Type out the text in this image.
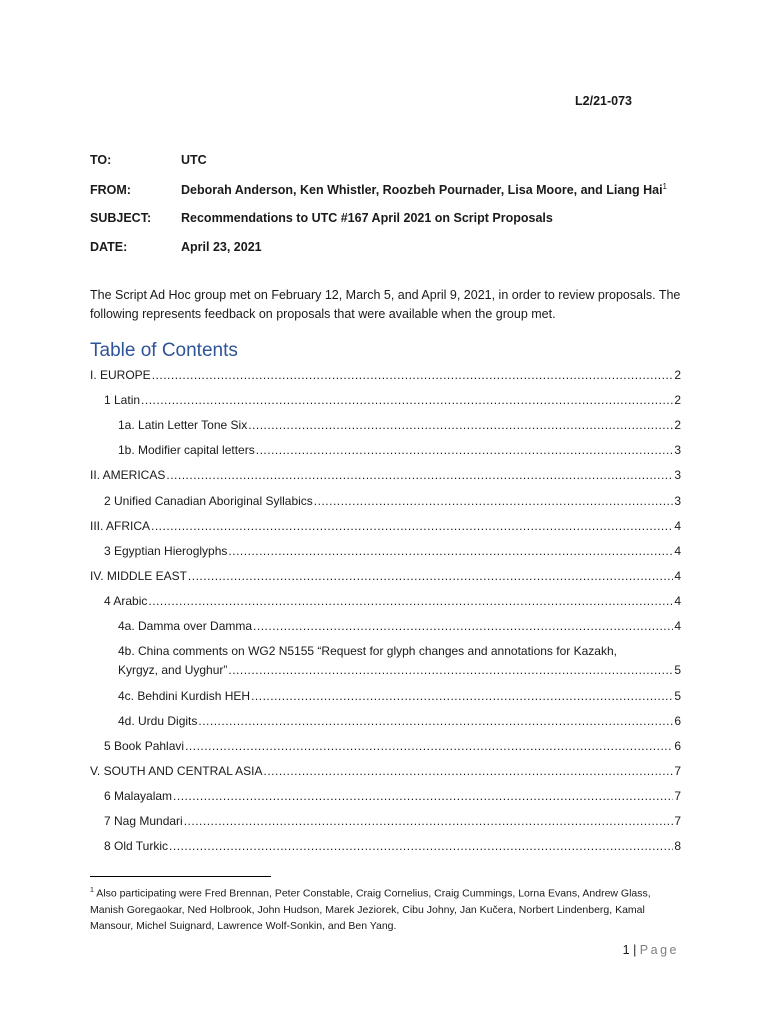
L2/21-073
TO:	UTC
FROM:	Deborah Anderson, Ken Whistler, Roozbeh Pournader, Lisa Moore, and Liang Hai$^1$
SUBJECT: Recommendations to UTC #167 April 2021 on Script Proposals
DATE:	April 23, 2021
The Script Ad Hoc group met on February 12, March 5, and April 9, 2021, in order to review proposals. The following represents feedback on proposals that were available when the group met.
Table of Contents
I. EUROPE .....	2
1 Latin .....	2
1a. Latin Letter Tone Six .....	2
1b. Modifier capital letters .....	3
II. AMERICAS .....	3
2 Unified Canadian Aboriginal Syllabics .....	3
III. AFRICA .....	4
3 Egyptian Hieroglyphs .....	4
IV. MIDDLE EAST .....	4
4 Arabic .....	4
4a. Damma over Damma .....	4
4b. China comments on WG2 N5155 “Request for glyph changes and annotations for Kazakh,
Kyrgyz, and Uyghur” .....	5
4c. Behdini Kurdish HEH .....	5
4d. Urdu Digits .....	6
5 Book Pahlavi .....	6
V. SOUTH AND CENTRAL ASIA .....	7
6 Malayalam .....	7
7 Nag Mundari .....	7
8 Old Turkic .....	8
$^1$ Also participating were Fred Brennan, Peter Constable, Craig Cornelius, Craig Cummings, Lorna Evans, Andrew Glass, Manish Goregaokar, Ned Holbrook, John Hudson, Marek Jeziorek, Cibu Johny, Jan Kučera, Norbert Lindenberg, Kamal Mansour, Michel Suignard, Lawrence Wolf-Sonkin, and Ben Yang.
1 | Page
